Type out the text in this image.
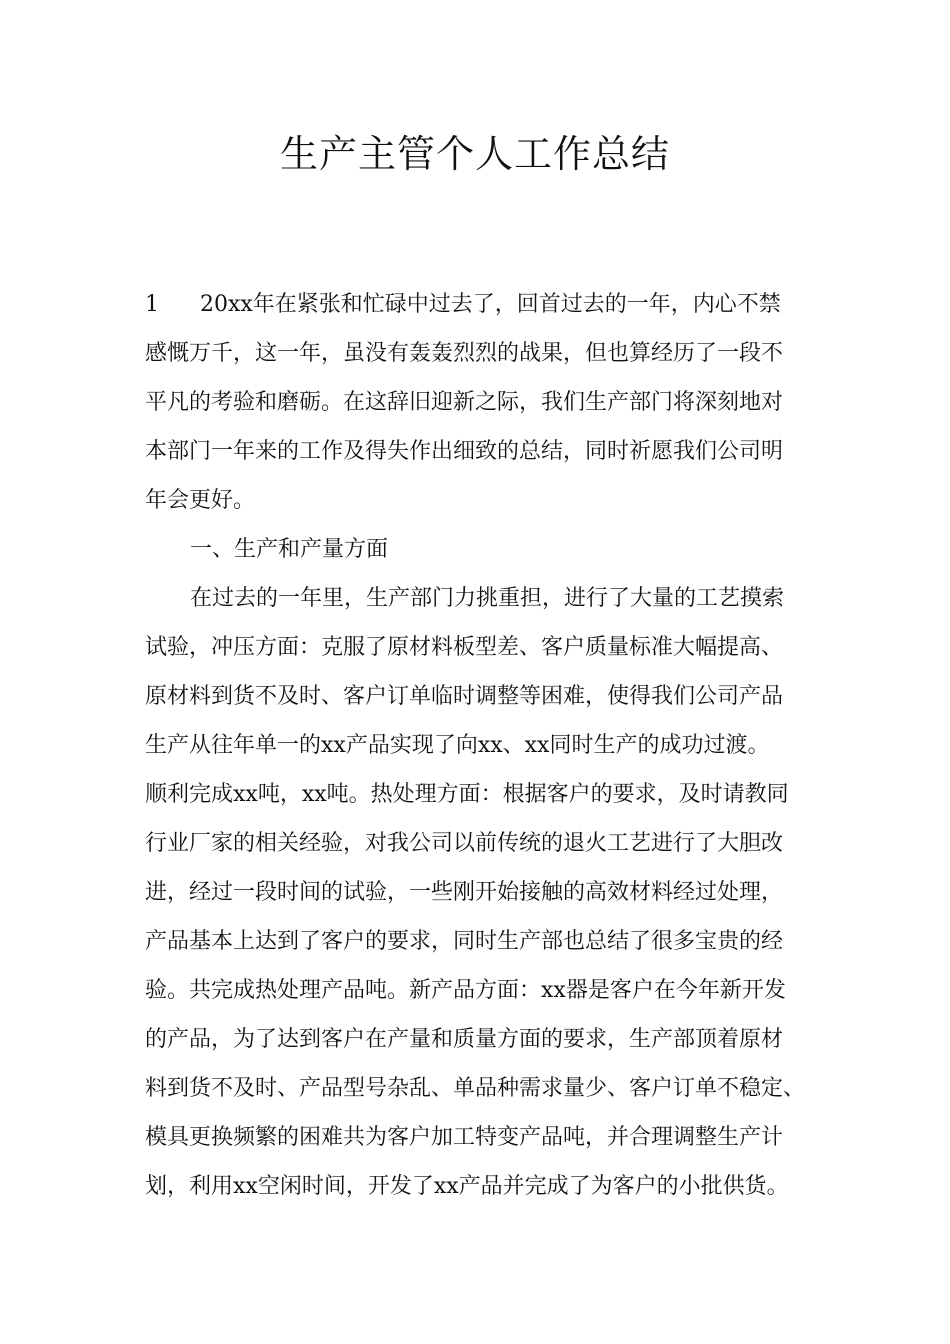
生产主管个人工作总结
1 20xx年在紧张和忙碌中过去了，回首过去的一年，内心不禁
感慨万千，这一年，虽没有轰轰烈烈的战果，但也算经历了一段不
平凡的考验和磨砺。在这辞旧迎新之际，我们生产部门将深刻地对
本部门一年来的工作及得失作出细致的总结，同时祈愿我们公司明
年会更好。
一、生产和产量方面
在过去的一年里，生产部门力挑重担，进行了大量的工艺摸索
试验，冲压方面：克服了原材料板型差、客户质量标准大幅提高、
原材料到货不及时、客户订单临时调整等困难，使得我们公司产品
生产从往年单一的xx产品实现了向xx、xx同时生产的成功过渡。
顺利完成xx吨，xx吨。热处理方面：根据客户的要求，及时请教同
行业厂家的相关经验，对我公司以前传统的退火工艺进行了大胆改
进，经过一段时间的试验，一些刚开始接触的高效材料经过处理，
产品基本上达到了客户的要求，同时生产部也总结了很多宝贵的经
验。共完成热处理产品吨。新产品方面：xx器是客户在今年新开发
的产品，为了达到客户在产量和质量方面的要求，生产部顶着原材
料到货不及时、产品型号杂乱、单品种需求量少、客户订单不稳定、
模具更换频繁的困难共为客户加工特变产品吨，并合理调整生产计
划，利用xx空闲时间，开发了xx产品并完成了为客户的小批供货。
